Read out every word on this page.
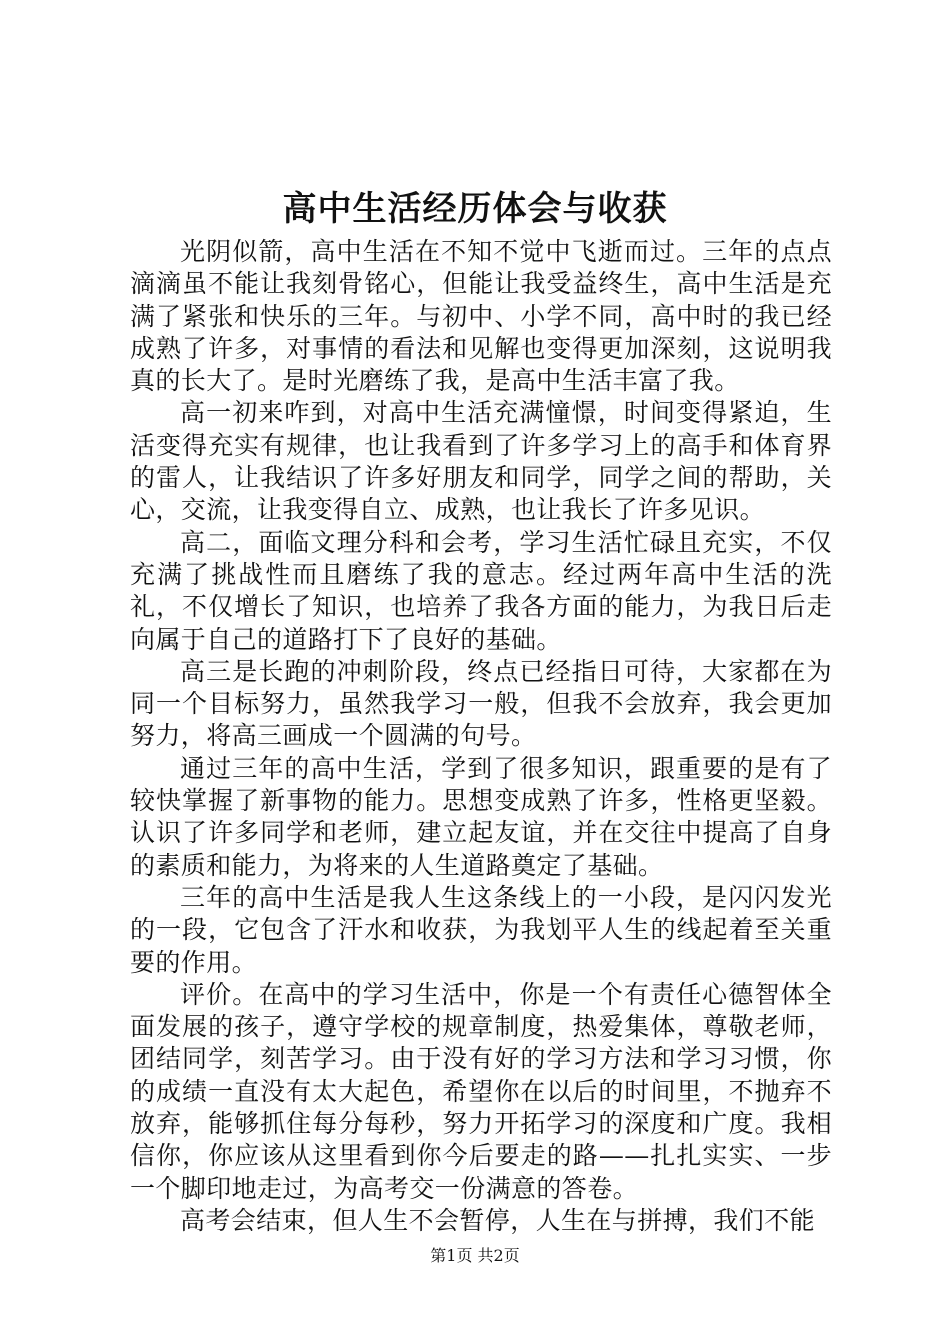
高中生活经历体会与收获

光阴似箭，高中生活在不知不觉中飞逝而过。三年的点点滴滴虽不能让我刻骨铭心，但能让我受益终生，高中生活是充满了紧张和快乐的三年。与初中、小学不同，高中时的我已经成熟了许多，对事情的看法和见解也变得更加深刻，这说明我真的长大了。是时光磨练了我，是高中生活丰富了我。

高一初来咋到，对高中生活充满憧憬，时间变得紧迫，生活变得充实有规律，也让我看到了许多学习上的高手和体育界的雷人，让我结识了许多好朋友和同学，同学之间的帮助，关心，交流，让我变得自立、成熟，也让我长了许多见识。

高二，面临文理分科和会考，学习生活忙碌且充实，不仅充满了挑战性而且磨练了我的意志。经过两年高中生活的洗礼，不仅增长了知识，也培养了我各方面的能力，为我日后走向属于自己的道路打下了良好的基础。

高三是长跑的冲刺阶段，终点已经指日可待，大家都在为同一个目标努力，虽然我学习一般，但我不会放弃，我会更加努力，将高三画成一个圆满的句号。

通过三年的高中生活，学到了很多知识，跟重要的是有了较快掌握了新事物的能力。思想变成熟了许多，性格更坚毅。认识了许多同学和老师，建立起友谊，并在交往中提高了自身的素质和能力，为将来的人生道路奠定了基础。

三年的高中生活是我人生这条线上的一小段，是闪闪发光的一段，它包含了汗水和收获，为我划平人生的线起着至关重要的作用。

评价。在高中的学习生活中，你是一个有责任心德智体全面发展的孩子，遵守学校的规章制度，热爱集体，尊敬老师，团结同学，刻苦学习。由于没有好的学习方法和学习习惯，你的成绩一直没有太大起色，希望你在以后的时间里，不抛弃不放弃，能够抓住每分每秒，努力开拓学习的深度和广度。我相信你，你应该从这里看到你今后要走的路——扎扎实实、一步一个脚印地走过，为高考交一份满意的答卷。

高考会结束，但人生不会暂停，人生在与拼搏，我们不能

第1页 共2页
